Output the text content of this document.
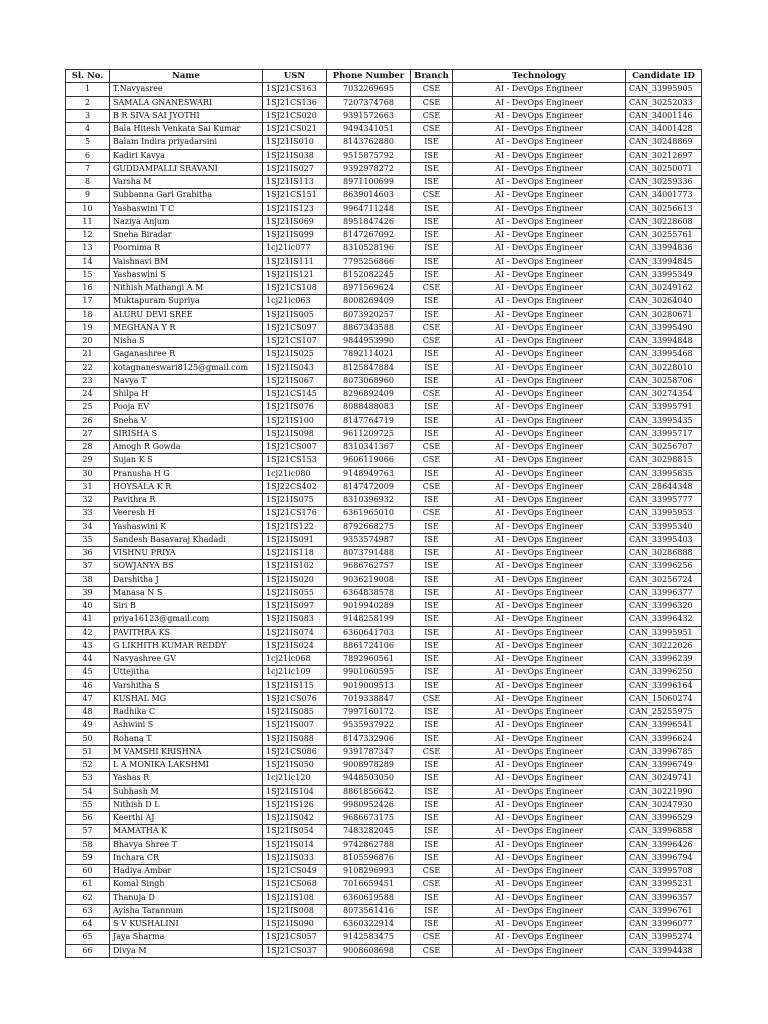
Sl. No.	Name	USN	Phone Number	Branch	Technology	Candidate ID
1	T.Navyasree	1SJ21CS163	7032269695	CSE	AI - DevOps Engineer	CAN_33995905
2	SAMALA GNANESWARI	1SJ21CS136	7207374768	CSE	AI - DevOps Engineer	CAN_30252033
3	B R SIVA SAI JYOTHI	1SJ21CS020	9391572663	CSE	AI - DevOps Engineer	CAN_34001146
4	Bala Hitesh Venkata Sai Kumar	1SJ21CS021	9494341051	CSE	AI - DevOps Engineer	CAN_34001428
5	Balam Indira priyadarsini	1SJ21IS010	8143762880	ISE	AI - DevOps Engineer	CAN_30248869
6	Kadiri Kavya	1SJ21IS038	9515875792	ISE	AI - DevOps Engineer	CAN_30212697
7	GUDDAMPALLI SRAVANI	1SJ21IS027	9392978272	ISE	AI - DevOps Engineer	CAN_30250071
8	Varsha M	1SJ21IS113	8971100699	ISE	AI - DevOps Engineer	CAN_30259336
9	Subbanna Gari Grahitha	1SJ21CS151	8639014603	CSE	AI - DevOps Engineer	CAN_34001773
10	Yashaswini T C	1SJ21IS123	9964711248	ISE	AI - DevOps Engineer	CAN_30256613
11	Naziya Anjum	1SJ21IS069	8951847426	ISE	AI - DevOps Engineer	CAN_30228608
12	Sneha Biradar	1SJ21IS099	8147267092	ISE	AI - DevOps Engineer	CAN_30255761
13	Poornima R	1cj21ic077	8310528196	ISE	AI - DevOps Engineer	CAN_33994836
14	Vaishnavi BM	1SJ21IS111	7795256866	ISE	AI - DevOps Engineer	CAN_33994845
15	Yashaswini S	1SJ21IS121	8152082245	ISE	AI - DevOps Engineer	CAN_33995349
16	Nithish Mathangi A M	1SJ21CS108	8971569624	CSE	AI - DevOps Engineer	CAN_30249162
17	Muktapuram Supriya	1cj21ic063	8008269409	ISE	AI - DevOps Engineer	CAN_30264040
18	ALURU DEVI SREE	1SJ21IS005	8073920257	ISE	AI - DevOps Engineer	CAN_30280671
19	MEGHANA Y R	1SJ21CS097	8867343588	CSE	AI - DevOps Engineer	CAN_33995490
20	Nisha S	1SJ21CS107	9844953990	CSE	AI - DevOps Engineer	CAN_33994848
21	Gaganashree R	1SJ21IS025	7892114021	ISE	AI - DevOps Engineer	CAN_33995468
22	kotagnaneswari8125@gmail.com	1SJ21IS043	8125847884	ISE	AI - DevOps Engineer	CAN_30228010
23	Navya T	1SJ21IS067	8073068960	ISE	AI - DevOps Engineer	CAN_30258706
24	Shilpa H	1SJ21CS145	8296892409	CSE	AI - DevOps Engineer	CAN_30274354
25	Pooja EV	1SJ21IS076	8088488083	ISE	AI - DevOps Engineer	CAN_33995791
26	Sneha V	1SJ21IS100	8147764719	ISE	AI - DevOps Engineer	CAN_33995435
27	SIRISHA S	1SJ21IS098	9611209725	ISE	AI - DevOps Engineer	CAN_33995717
28	Amogh R Gowda	1SJ21CS007	8310341367	CSE	AI - DevOps Engineer	CAN_30256707
29	Sujan K S	1SJ21CS153	9606119066	CSE	AI - DevOps Engineer	CAN_30298815
30	Pranusha H G	1cj21ic080	9148949763	ISE	AI - DevOps Engineer	CAN_33995835
31	HOYSALA K R	1SJ22CS402	8147472009	CSE	AI - DevOps Engineer	CAN_28644348
32	Pavithra R	1SJ21IS075	8310396932	ISE	AI - DevOps Engineer	CAN_33995777
33	Veeresh H	1SJ21CS176	6361965010	CSE	AI - DevOps Engineer	CAN_33995953
34	Yashaswini K	1SJ21IS122	8792668275	ISE	AI - DevOps Engineer	CAN_33995340
35	Sandesh Basavaraj Khadadi	1SJ21IS091	9353574987	ISE	AI - DevOps Engineer	CAN_33995403
36	VISHNU PRIYA	1SJ21IS118	8073791488	ISE	AI - DevOps Engineer	CAN_30286888
37	SOWJANYA BS	1SJ21IS102	9686762757	ISE	AI - DevOps Engineer	CAN_33996256
38	Darshitha J	1SJ21IS020	9036219008	ISE	AI - DevOps Engineer	CAN_30256724
39	Manasa N S	1SJ21IS055	6364838578	ISE	AI - DevOps Engineer	CAN_33996377
40	Siri B	1SJ21IS097	9019940289	ISE	AI - DevOps Engineer	CAN_33996320
41	priya16123@gmail.com	1SJ21IS083	9148258199	ISE	AI - DevOps Engineer	CAN_33996432
42	PAVITHRA KS	1SJ21IS074	6360641703	ISE	AI - DevOps Engineer	CAN_33995951
43	G LIKHITH KUMAR REDDY	1SJ21IS024	8861724106	ISE	AI - DevOps Engineer	CAN_30222026
44	Navyashree GV	1cj21ic068	7892960561	ISE	AI - DevOps Engineer	CAN_33996239
45	Uttejitha	1cj21ic109	9901060595	ISE	AI - DevOps Engineer	CAN_33996250
46	Varshitha S	1SJ21IS115	9019009513	ISE	AI - DevOps Engineer	CAN_33996164
47	KUSHAL MG	1SJ21CS076	7019338847	CSE	AI - DevOps Engineer	CAN_15060274
48	Radhika C	1SJ21IS085	7997160172	ISE	AI - DevOps Engineer	CAN_25255975
49	Ashwini S	1SJ21IS007	9535937922	ISE	AI - DevOps Engineer	CAN_33996541
50	Rohana T	1SJ21IS088	8147332906	ISE	AI - DevOps Engineer	CAN_33996624
51	M VAMSHI KRISHNA	1SJ21CS086	9391787347	CSE	AI - DevOps Engineer	CAN_33996785
52	L A MONIKA LAKSHMI	1SJ21IS050	9008978289	ISE	AI - DevOps Engineer	CAN_33996749
53	Yashas R	1cj21ic120	9448503050	ISE	AI - DevOps Engineer	CAN_30249741
54	Subhash M	1SJ21IS104	8861856642	ISE	AI - DevOps Engineer	CAN_30221990
55	Nithish D L	1SJ21IS126	9980952426	ISE	AI - DevOps Engineer	CAN_30247930
56	Keerthi AJ	1SJ21IS042	9686673175	ISE	AI - DevOps Engineer	CAN_33996529
57	MAMATHA K	1SJ21IS054	7483282045	ISE	AI - DevOps Engineer	CAN_33996858
58	Bhavya Shree T	1SJ21IS014	9742862788	ISE	AI - DevOps Engineer	CAN_33996426
59	Inchara CR	1SJ21IS033	8105596876	ISE	AI - DevOps Engineer	CAN_33996794
60	Hadiya Ambar	1SJ21CS049	9108296993	CSE	AI - DevOps Engineer	CAN_33995708
61	Komal Singh	1SJ21CS068	7016659451	CSE	AI - DevOps Engineer	CAN_33995231
62	Thanuja D	1SJ21IS108	6360619588	ISE	AI - DevOps Engineer	CAN_33996357
63	Ayisha Tarannum	1SJ21IS008	8073561416	ISE	AI - DevOps Engineer	CAN_33996761
64	S V KUSHALINI	1SJ21IS090	6360322914	ISE	AI - DevOps Engineer	CAN_33996077
65	Jaya Sharma	1SJ21CS057	9142583475	CSE	AI - DevOps Engineer	CAN_33995274
66	Divya M	1SJ21CS037	9008608698	CSE	AI - DevOps Engineer	CAN_33994438
